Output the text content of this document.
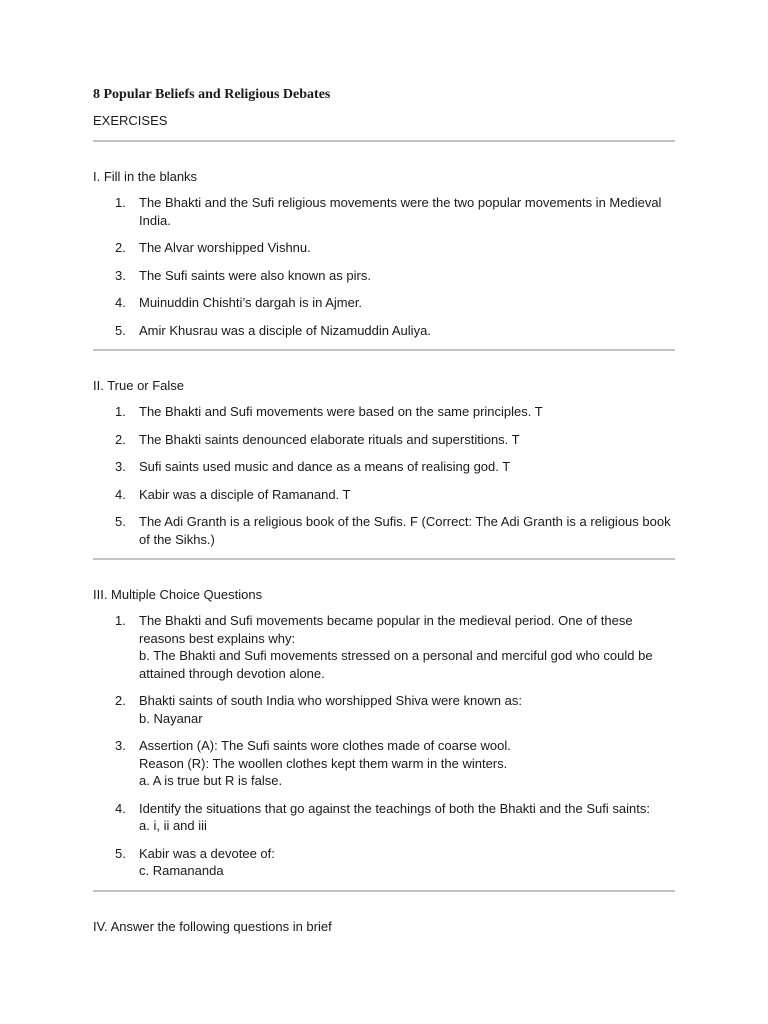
8 Popular Beliefs and Religious Debates
EXERCISES
I. Fill in the blanks
1. The Bhakti and the Sufi religious movements were the two popular movements in Medieval India.
2. The Alvar worshipped Vishnu.
3. The Sufi saints were also known as pirs.
4. Muinuddin Chishti’s dargah is in Ajmer.
5. Amir Khusrau was a disciple of Nizamuddin Auliya.
II. True or False
1. The Bhakti and Sufi movements were based on the same principles. T
2. The Bhakti saints denounced elaborate rituals and superstitions. T
3. Sufi saints used music and dance as a means of realising god. T
4. Kabir was a disciple of Ramanand. T
5. The Adi Granth is a religious book of the Sufis. F (Correct: The Adi Granth is a religious book of the Sikhs.)
III. Multiple Choice Questions
1. The Bhakti and Sufi movements became popular in the medieval period. One of these reasons best explains why:
b. The Bhakti and Sufi movements stressed on a personal and merciful god who could be attained through devotion alone.
2. Bhakti saints of south India who worshipped Shiva were known as:
b. Nayanar
3. Assertion (A): The Sufi saints wore clothes made of coarse wool.
Reason (R): The woollen clothes kept them warm in the winters.
a. A is true but R is false.
4. Identify the situations that go against the teachings of both the Bhakti and the Sufi saints:
a. i, ii and iii
5. Kabir was a devotee of:
c. Ramananda
IV. Answer the following questions in brief
